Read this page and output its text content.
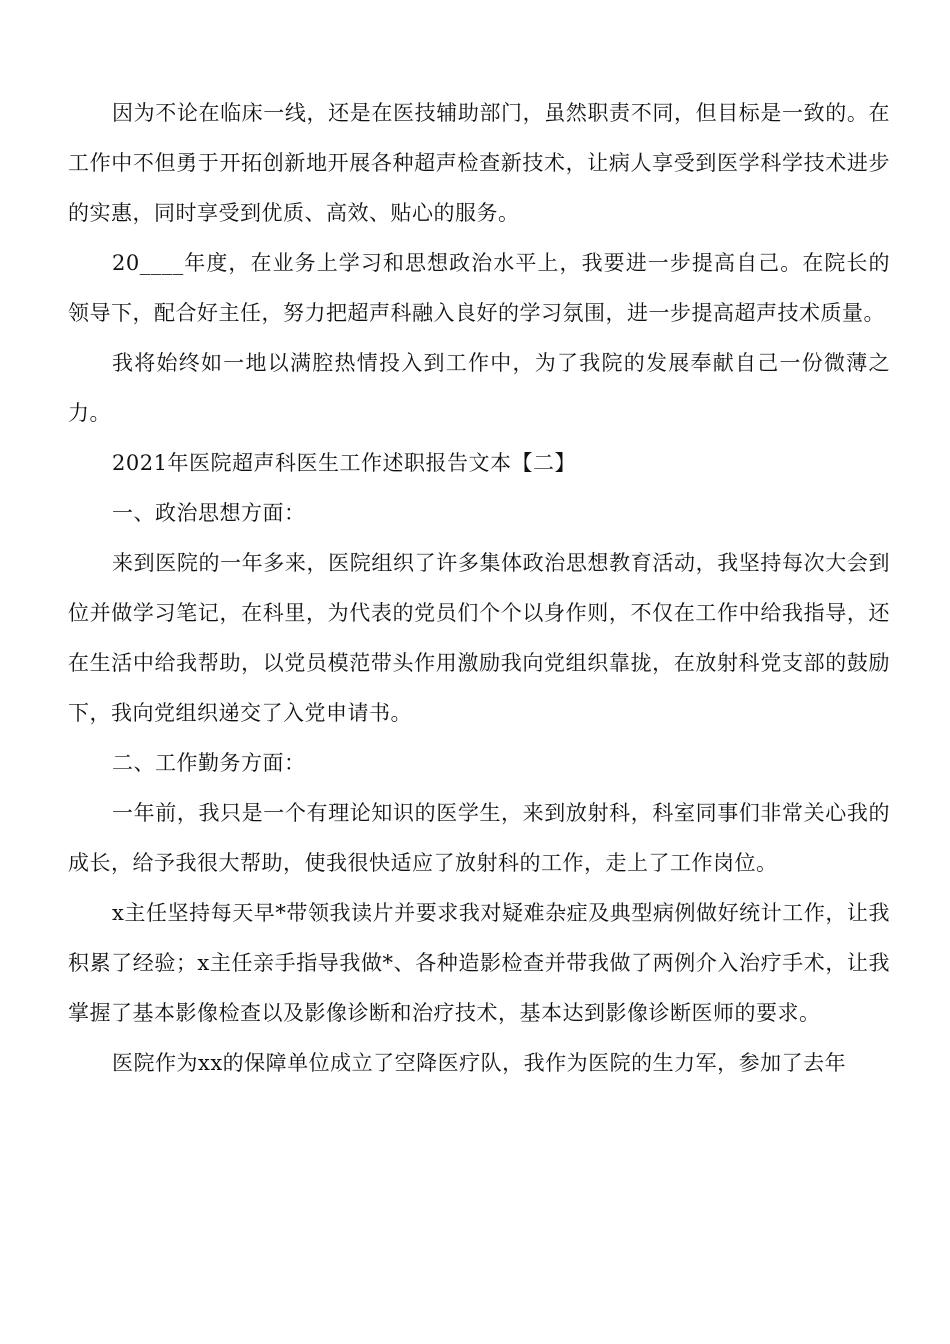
因为不论在临床一线，还是在医技辅助部门，虽然职责不同，但目标是一致的。在工作中不但勇于开拓创新地开展各种超声检查新技术，让病人享受到医学科学技术进步的实惠，同时享受到优质、高效、贴心的服务。

20____年度，在业务上学习和思想政治水平上，我要进一步提高自己。在院长的领导下，配合好主任，努力把超声科融入良好的学习氛围，进一步提高超声技术质量。

我将始终如一地以满腔热情投入到工作中，为了我院的发展奉献自己一份微薄之力。

2021年医院超声科医生工作述职报告文本【二】

一、政治思想方面：

来到医院的一年多来，医院组织了许多集体政治思想教育活动，我坚持每次大会到位并做学习笔记，在科里，为代表的党员们个个以身作则，不仅在工作中给我指导，还在生活中给我帮助，以党员模范带头作用激励我向党组织靠拢，在放射科党支部的鼓励下，我向党组织递交了入党申请书。

二、工作勤务方面：

一年前，我只是一个有理论知识的医学生，来到放射科，科室同事们非常关心我的成长，给予我很大帮助，使我很快适应了放射科的工作，走上了工作岗位。

x主任坚持每天早*带领我读片并要求我对疑难杂症及典型病例做好统计工作，让我积累了经验；x主任亲手指导我做*、各种造影检查并带我做了两例介入治疗手术，让我掌握了基本影像检查以及影像诊断和治疗技术，基本达到影像诊断医师的要求。

医院作为xx的保障单位成立了空降医疗队，我作为医院的生力军，参加了去年
